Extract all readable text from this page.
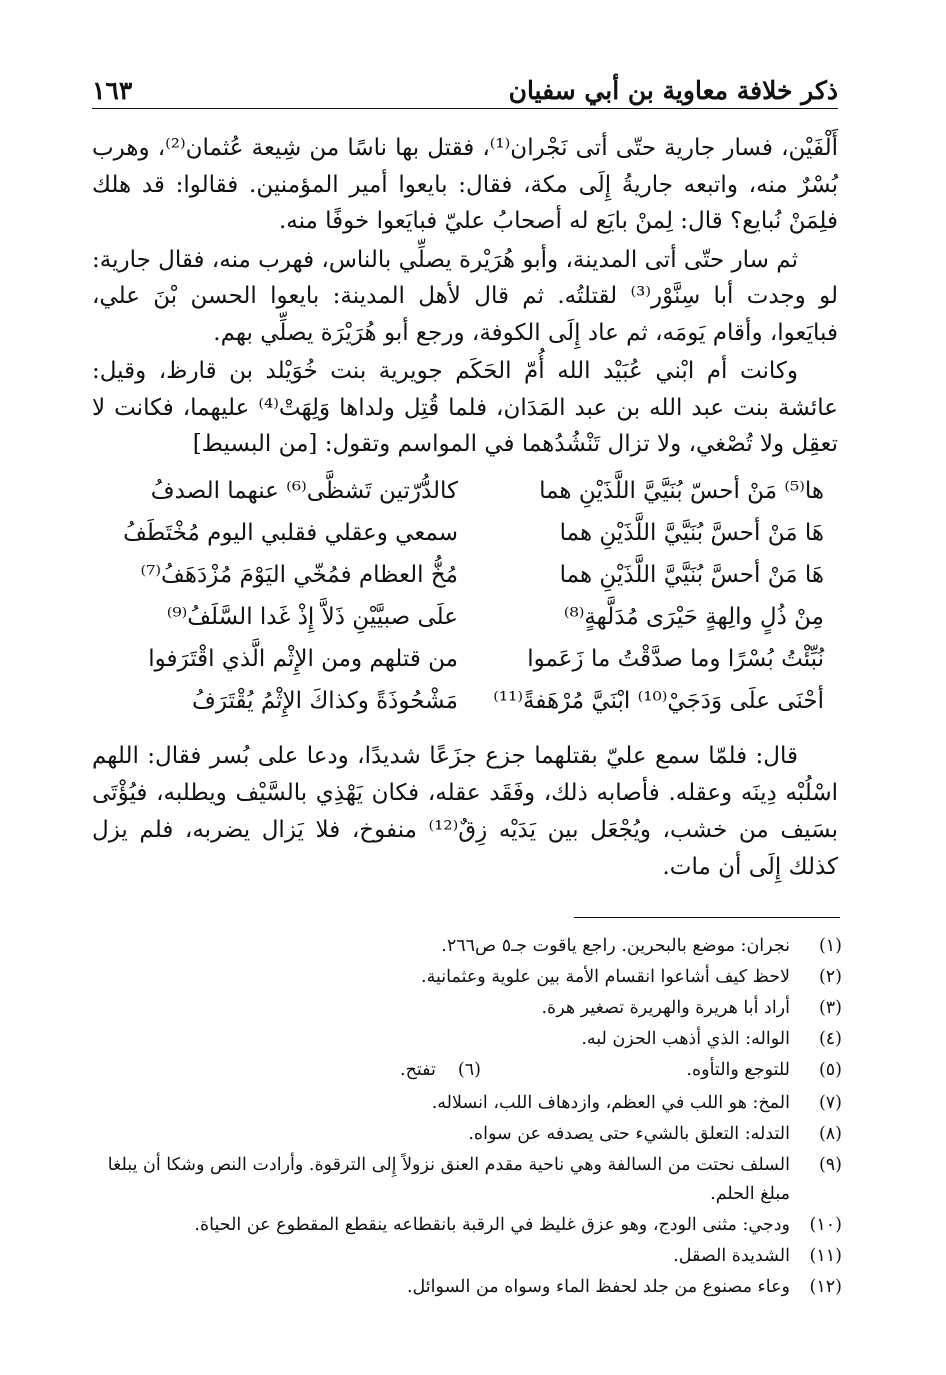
ذكر خلافة معاوية بن أبي سفيان
١٦٣

أَلْفَيْن، فسار جارية حتّى أتى نَجْران⁽¹⁾، فقتل بها ناسًا من شِيعة عُثمان⁽²⁾، وهرب بُسْرٌ منه، واتبعه جاريةُ إِلَى مكة، فقال: بايعوا أمير المؤمنين. فقالوا: قد هلك فلِمَنْ نُبايع؟ قال: لِمنْ بايَع له أصحابُ عليّ فبايَعوا خوفًا منه.

ثم سار حتّى أتى المدينة، وأبو هُرَيْرة يصلِّي بالناس، فهرب منه، فقال جارية: لو وجدت أبا سِنَّوْر⁽³⁾ لقتلتُه. ثم قال لأهل المدينة: بايعوا الحسن بْنَ علي، فبايَعوا، وأقام يَومَه، ثم عاد إِلَى الكوفة، ورجع أبو هُرَيْرَة يصلِّي بهم.

وكانت أم ابْني عُبَيْد الله أُمّ الحَكَم جويرية بنت خُوَيْلد بن قارظ، وقيل: عائشة بنت عبد الله بن عبد المَدَان، فلما قُتِل ولداها وَلِهَتْ⁽⁴⁾ عليهما، فكانت لا تعقِل ولا تُصْغي، ولا تزال تَنْشُدُهما في المواسم وتقول: [من البسيط]

ها⁽⁵⁾ مَنْ أحسّ بُنَيَّيَّ اللَّذَيْنِ هما
كالدُّرّتين تَشظَّى⁽⁶⁾ عنهما الصدفُ
هَا مَنْ أحسَّ بُنَيَّيَّ اللَّذَيْنِ هما
سمعي وعقلي فقلبي اليوم مُخْتَطَفُ
هَا مَنْ أحسَّ بُنَيَّيَّ اللَّذَيْنِ هما
مُخُّ العظام فمُخّي اليَوْمَ مُزْدَهَفُ⁽⁷⁾
مِنْ ذُلٍ والِهةٍ حَيْرَى مُدَلَّهةٍ⁽⁸⁾
علَى صبيَّيْنِ ذَلاَّ إِذْ غَدا السَّلَفُ⁽⁹⁾
نُبِّئْتُ بُسْرًا وما صدَّقْتُ ما زَعَموا
من قتلهم ومن الإِثْم الَّذي اقْتَرَفوا
أحْنَى علَى وَدَجَيْ⁽¹⁰⁾ ابْنَيَّ مُرْهَفةً⁽¹¹⁾
مَشْحُوذَةً وكذاكَ الإِثْمُ يُقْتَرَفُ

قال: فلمّا سمع عليّ بقتلهما جزع جزَعًا شديدًا، ودعا على بُسر فقال: اللهم اسْلُبْه دِينَه وعقله. فأصابه ذلك، وفَقَد عقله، فكان يَهْذِي بالسَّيْف ويطلبه، فيُؤْتَى بسَيف من خشب، ويُجْعَل بين يَدَيْه زِقٌ⁽¹²⁾ منفوخ، فلا يَزال يضربه، فلم يزل كذلك إِلَى أن مات.

(١)
نجران: موضع بالبحرين. راجع ياقوت جـ٥ ص٢٦٦.
(٢)
لاحظ كيف أشاعوا انقسام الأمة بين علوية وعثمانية.
(٣)
أراد أبا هريرة والهريرة تصغير هرة.
(٤)
الواله: الذي أذهب الحزن لبه.
(٥)
للتوجع والتأوه.
(٦)تفتح.
(٧)
المخ: هو اللب في العظم، وازدهاف اللب، انسلاله.
(٨)
التدله: التعلق بالشيء حتى يصدفه عن سواه.
(٩)
السلف نحتت من السالفة وهي ناحية مقدم العنق نزولاً إِلى الترقوة. وأرادت النص وشكا أن يبلغا مبلغ الحلم.
(١٠)
ودجي: مثنى الودج، وهو عزق غليظ في الرقبة بانقطاعه ينقطع المقطوع عن الحياة.
(١١)
الشديدة الصقل.
(١٢)
وعاء مصنوع من جلد لحفظ الماء وسواه من السوائل.
